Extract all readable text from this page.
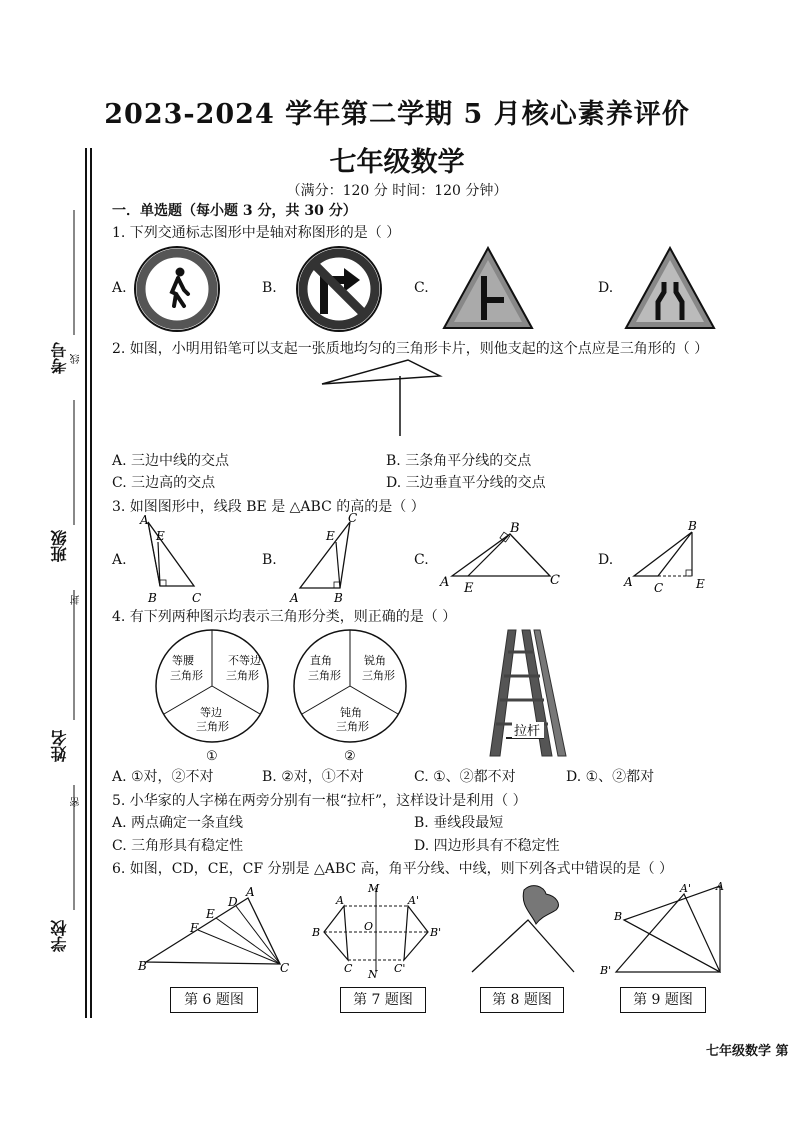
2023-2024 学年第二学期 5 月核心素养评价
七年级数学
（满分：120 分 时间：120 分钟）
考号 线
班级
封
姓名
密
学校
一．单选题（每小题 3 分，共 30 分）
1. 下列交通标志图形中是轴对称图形的是（ ）
A.	B.	C.	D.
2. 如图，小明用铅笔可以支起一张质地均匀的三角形卡片，则他支起的这个点应是三角形的（ ）
A. 三边中线的交点	B. 三条角平分线的交点
C. 三边高的交点	D. 三边垂直平分线的交点
3. 如图图形中，线段 BE 是 △ABC 的高的是（ ）
A.	B.	C.	D.
A
E
B	C
C
E
A	B
B
A E
C
B
A C	E
4. 有下列两种图示均表示三角形分类，则正确的是（ ）
等腰
三角形
不等边
三角形
等边
三角形
①
直角
三角形
锐角
三角形
钝角
三角形
②
拉杆
A. ①对，②不对	B. ②对，①不对	C. ①、②都不对	D. ①、②都对
5. 小华家的人字梯在两旁分别有一根“拉杆”，这样设计是利用（ ）
A. 两点确定一条直线	B. 垂线段最短
C. 三角形具有稳定性	D. 四边形具有不稳定性
6. 如图，CD，CE，CF 分别是 △ABC 高，角平分线、中线，则下列各式中错误的是（ ）
A
D
E
F
B	C
第 6 题图
M
A	A'
B	O	B'
C	C'
N
第 7 题图	第 8 题图
A
A'
B
B'
第 9 题图
七年级数学 第
